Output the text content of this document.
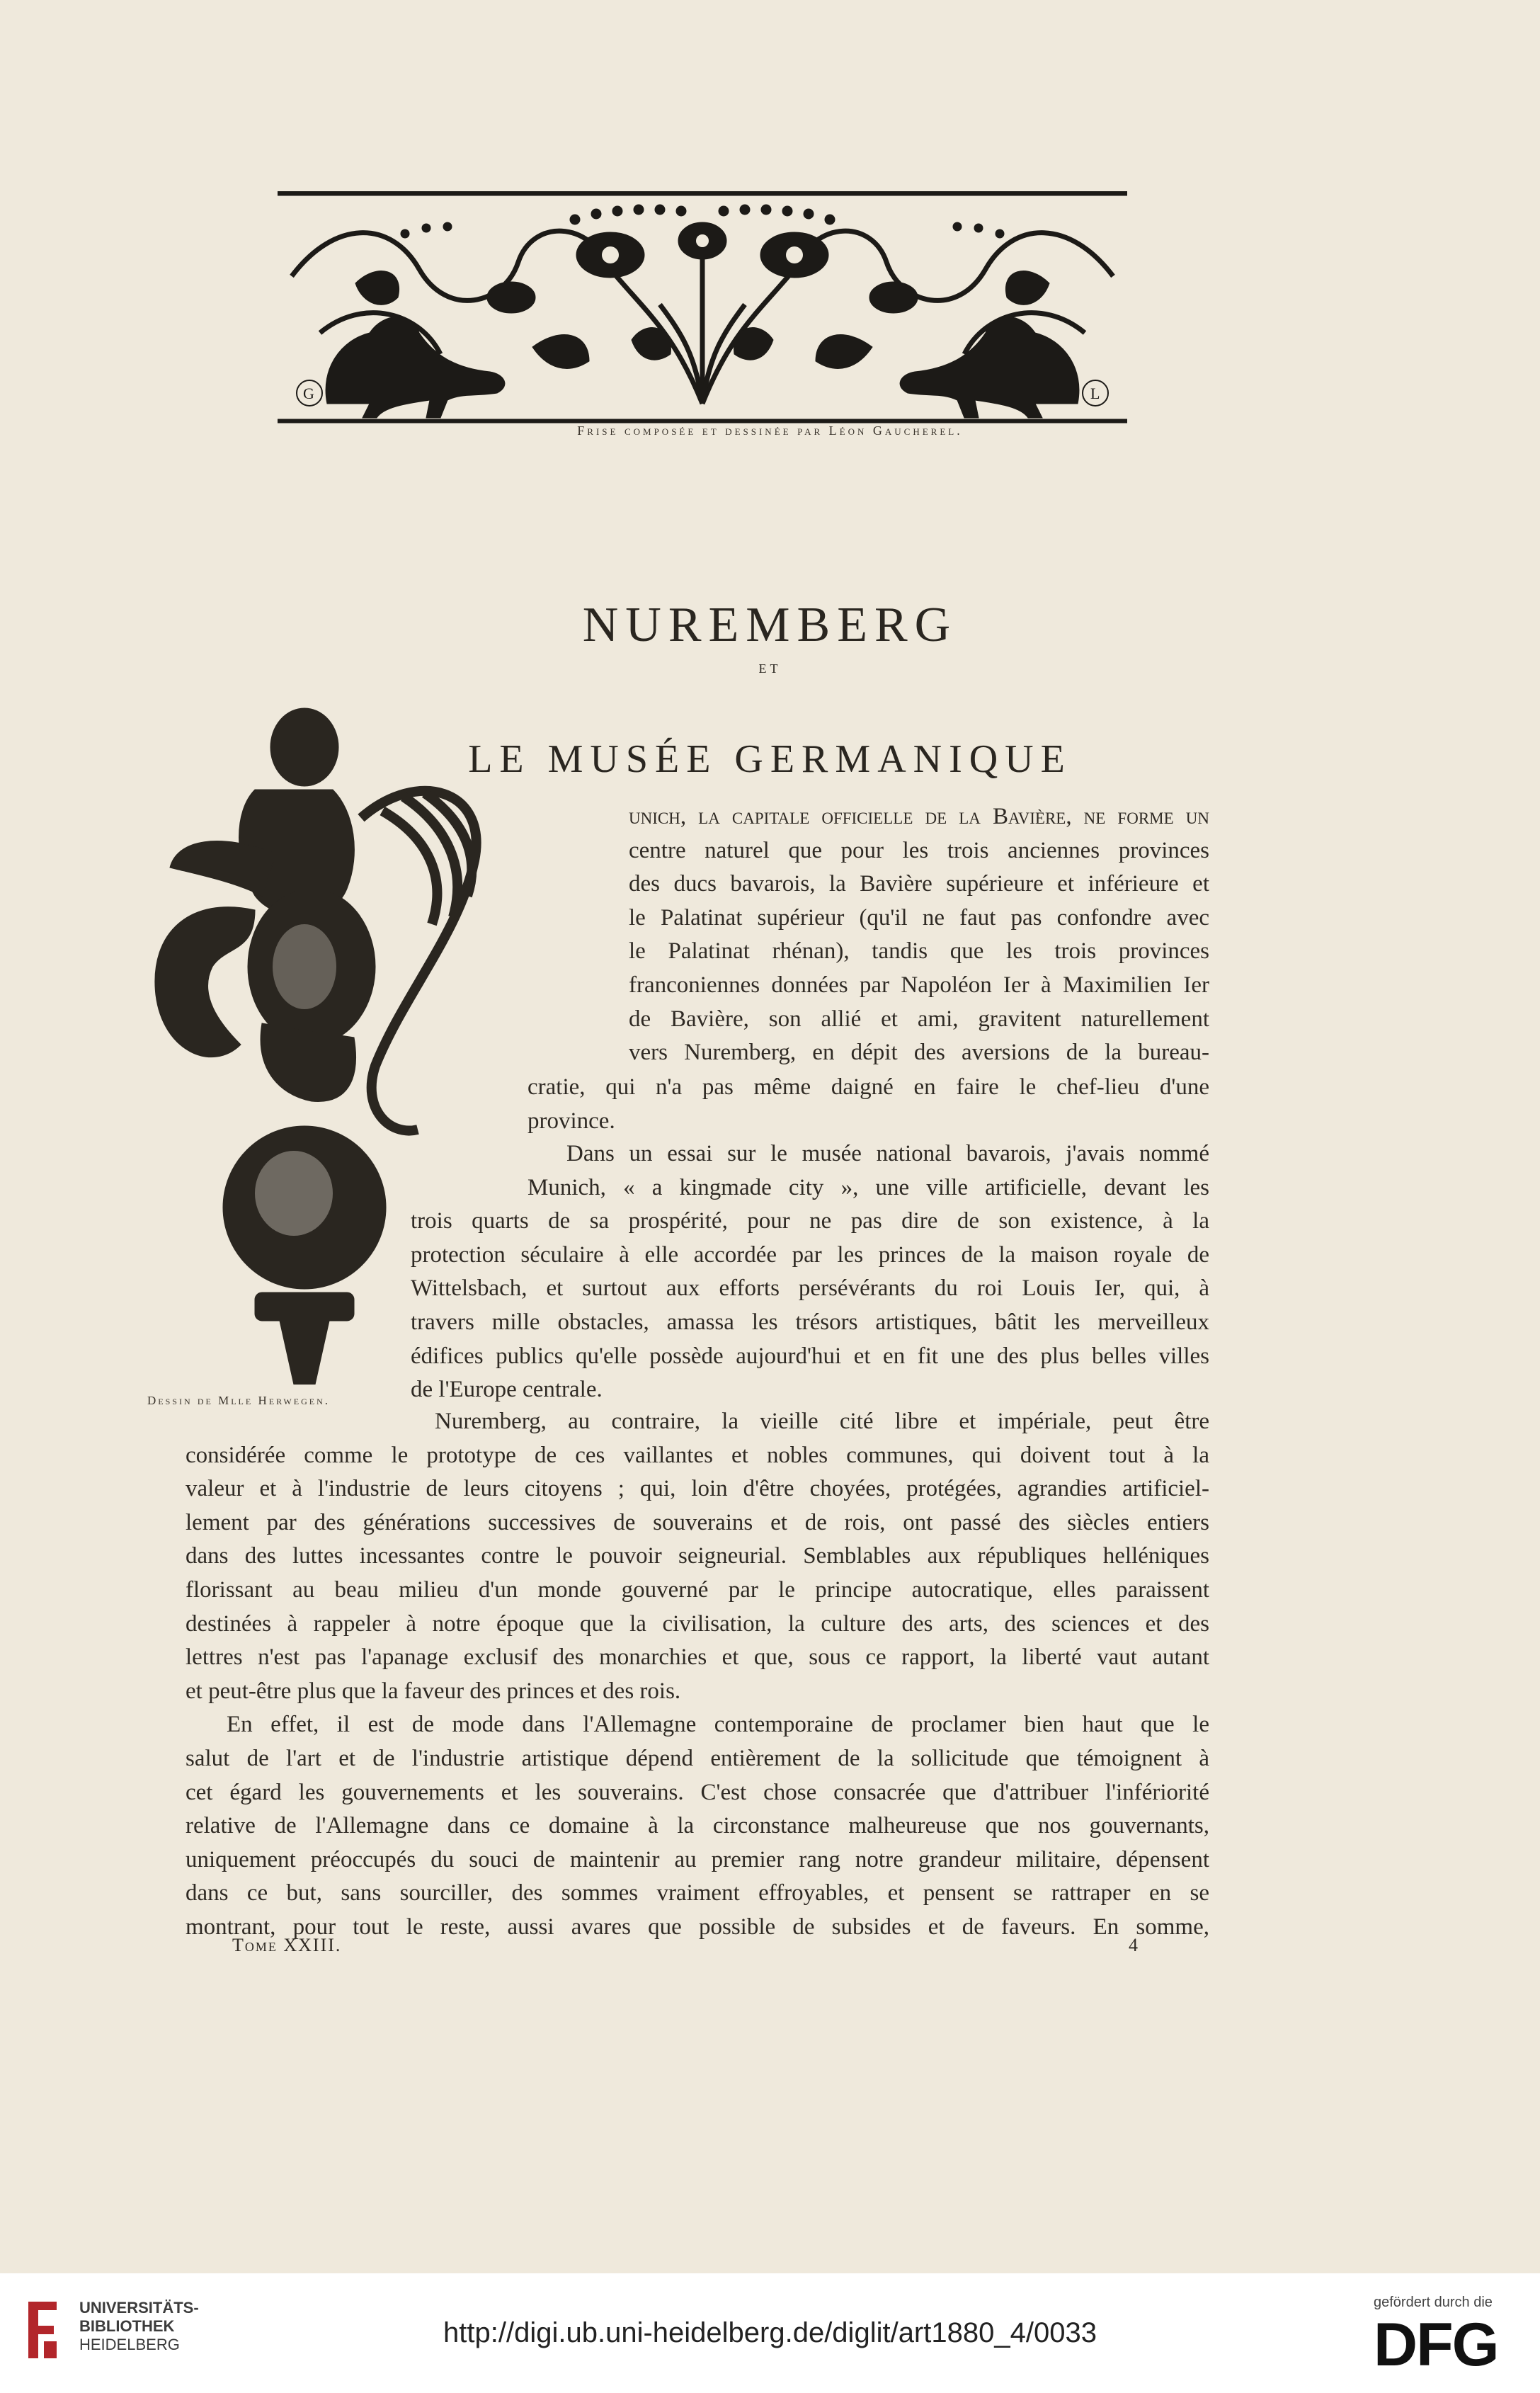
G	L
Frise composée et dessinée par Léon Gaucherel.
NUREMBERG
ET
LE MUSÉE GERMANIQUE
Dessin de Mlle Herwegen.
unich, la capitale officielle de la Bavière, ne forme un
centre naturel que pour les trois anciennes provinces
des ducs bavarois, la Bavière supérieure et inférieure et
le Palatinat supérieur (qu'il ne faut pas confondre avec
le Palatinat rhénan), tandis que les trois provinces
franconiennes données par Napoléon Ier à Maximilien Ier
de Bavière, son allié et ami, gravitent naturellement
vers Nuremberg, en dépit des aversions de la bureau-
cratie, qui n'a pas même daigné en faire le chef-lieu d'une
province.
Dans un essai sur le musée national bavarois, j'avais nommé
Munich, « a kingmade city », une ville artificielle, devant les
trois quarts de sa prospérité, pour ne pas dire de son existence, à la
protection séculaire à elle accordée par les princes de la maison royale de
Wittelsbach, et surtout aux efforts persévérants du roi Louis Ier, qui, à
travers mille obstacles, amassa les trésors artistiques, bâtit les merveilleux
édifices publics qu'elle possède aujourd'hui et en fit une des plus belles villes
de l'Europe centrale.
Nuremberg, au contraire, la vieille cité libre et impériale, peut être
considérée comme le prototype de ces vaillantes et nobles communes, qui doivent tout à la
valeur et à l'industrie de leurs citoyens ; qui, loin d'être choyées, protégées, agrandies artificiel-
lement par des générations successives de souverains et de rois, ont passé des siècles entiers
dans des luttes incessantes contre le pouvoir seigneurial. Semblables aux républiques helléniques
florissant au beau milieu d'un monde gouverné par le principe autocratique, elles paraissent
destinées à rappeler à notre époque que la civilisation, la culture des arts, des sciences et des
lettres n'est pas l'apanage exclusif des monarchies et que, sous ce rapport, la liberté vaut autant
et peut-être plus que la faveur des princes et des rois.
En effet, il est de mode dans l'Allemagne contemporaine de proclamer bien haut que le
salut de l'art et de l'industrie artistique dépend entièrement de la sollicitude que témoignent à
cet égard les gouvernements et les souverains. C'est chose consacrée que d'attribuer l'infériorité
relative de l'Allemagne dans ce domaine à la circonstance malheureuse que nos gouvernants,
uniquement préoccupés du souci de maintenir au premier rang notre grandeur militaire, dépensent
dans ce but, sans sourciller, des sommes vraiment effroyables, et pensent se rattraper en se
montrant, pour tout le reste, aussi avares que possible de subsides et de faveurs. En somme,
Tome XXIII.	4
UNIVERSITÄTS-
BIBLIOTHEK
HEIDELBERG	http://digi.ub.uni-heidelberg.de/diglit/art1880_4/0033
gefördert durch die
DFG
